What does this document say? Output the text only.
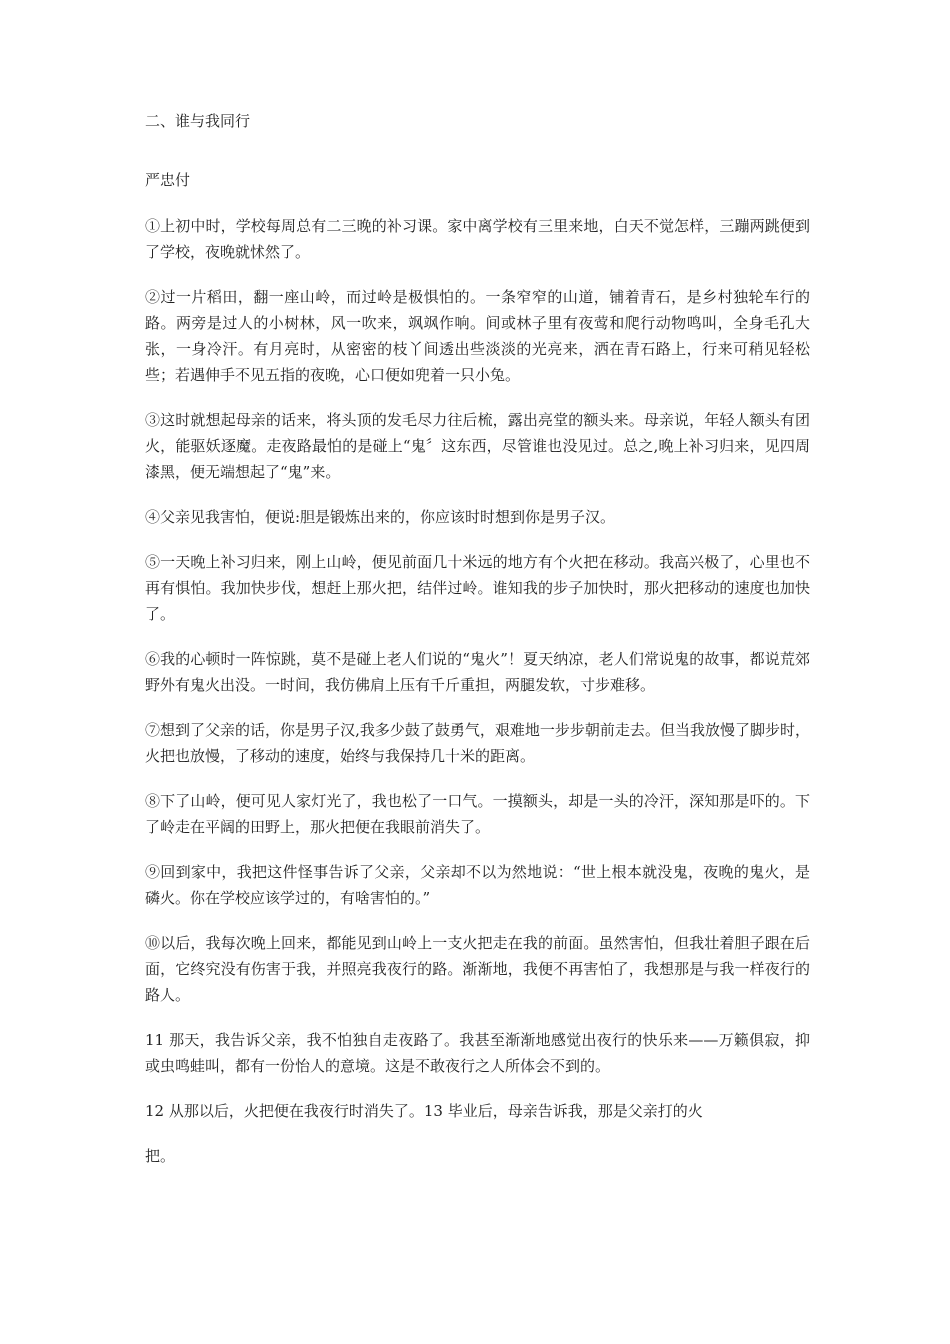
二、谁与我同行

严忠付

①上初中时，学校每周总有二三晚的补习课。家中离学校有三里来地，白天不觉怎样，三蹦两跳便到了学校，夜晚就怵然了。

②过一片稻田，翻一座山岭，而过岭是极惧怕的。一条窄窄的山道，铺着青石，是乡村独轮车行的路。两旁是过人的小树林，风一吹来，飒飒作响。间或林子里有夜莺和爬行动物鸣叫，全身毛孔大张，一身冷汗。有月亮时，从密密的枝丫间透出些淡淡的光亮来，洒在青石路上，行来可稍见轻松些；若遇伸手不见五指的夜晚，心口便如兜着一只小兔。

③这时就想起母亲的话来，将头顶的发毛尽力往后梳，露出亮堂的额头来。母亲说，年轻人额头有团火，能驱妖逐魔。走夜路最怕的是碰上“鬼〞这东西，尽管谁也没见过。总之,晚上补习归来，见四周漆黑，便无端想起了“鬼”来。

④父亲见我害怕，便说:胆是锻炼出来的，你应该时时想到你是男子汉。

⑤一天晚上补习归来，刚上山岭，便见前面几十米远的地方有个火把在移动。我高兴极了，心里也不再有惧怕。我加快步伐，想赶上那火把，结伴过岭。谁知我的步子加快时，那火把移动的速度也加快了。

⑥我的心顿时一阵惊跳，莫不是碰上老人们说的“鬼火”！夏天纳凉，老人们常说鬼的故事，都说荒郊野外有鬼火出没。一时间，我仿佛肩上压有千斤重担，两腿发软，寸步难移。

⑦想到了父亲的话，你是男子汉,我多少鼓了鼓勇气，艰难地一步步朝前走去。但当我放慢了脚步时，火把也放慢，了移动的速度，始终与我保持几十米的距离。

⑧下了山岭，便可见人家灯光了，我也松了一口气。一摸额头，却是一头的冷汗，深知那是吓的。下了岭走在平阔的田野上，那火把便在我眼前消失了。

⑨回到家中，我把这件怪事告诉了父亲，父亲却不以为然地说：“世上根本就没鬼，夜晚的鬼火，是磷火。你在学校应该学过的，有啥害怕的。”

⑩以后，我每次晚上回来，都能见到山岭上一支火把走在我的前面。虽然害怕，但我壮着胆子跟在后面，它终究没有伤害于我，并照亮我夜行的路。渐渐地，我便不再害怕了，我想那是与我一样夜行的路人。

11 那天，我告诉父亲，我不怕独自走夜路了。我甚至渐渐地感觉出夜行的快乐来——万籁俱寂，抑或虫鸣蛙叫，都有一份怡人的意境。这是不敢夜行之人所体会不到的。

12 从那以后，火把便在我夜行时消失了。13 毕业后，母亲告诉我，那是父亲打的火

把。
